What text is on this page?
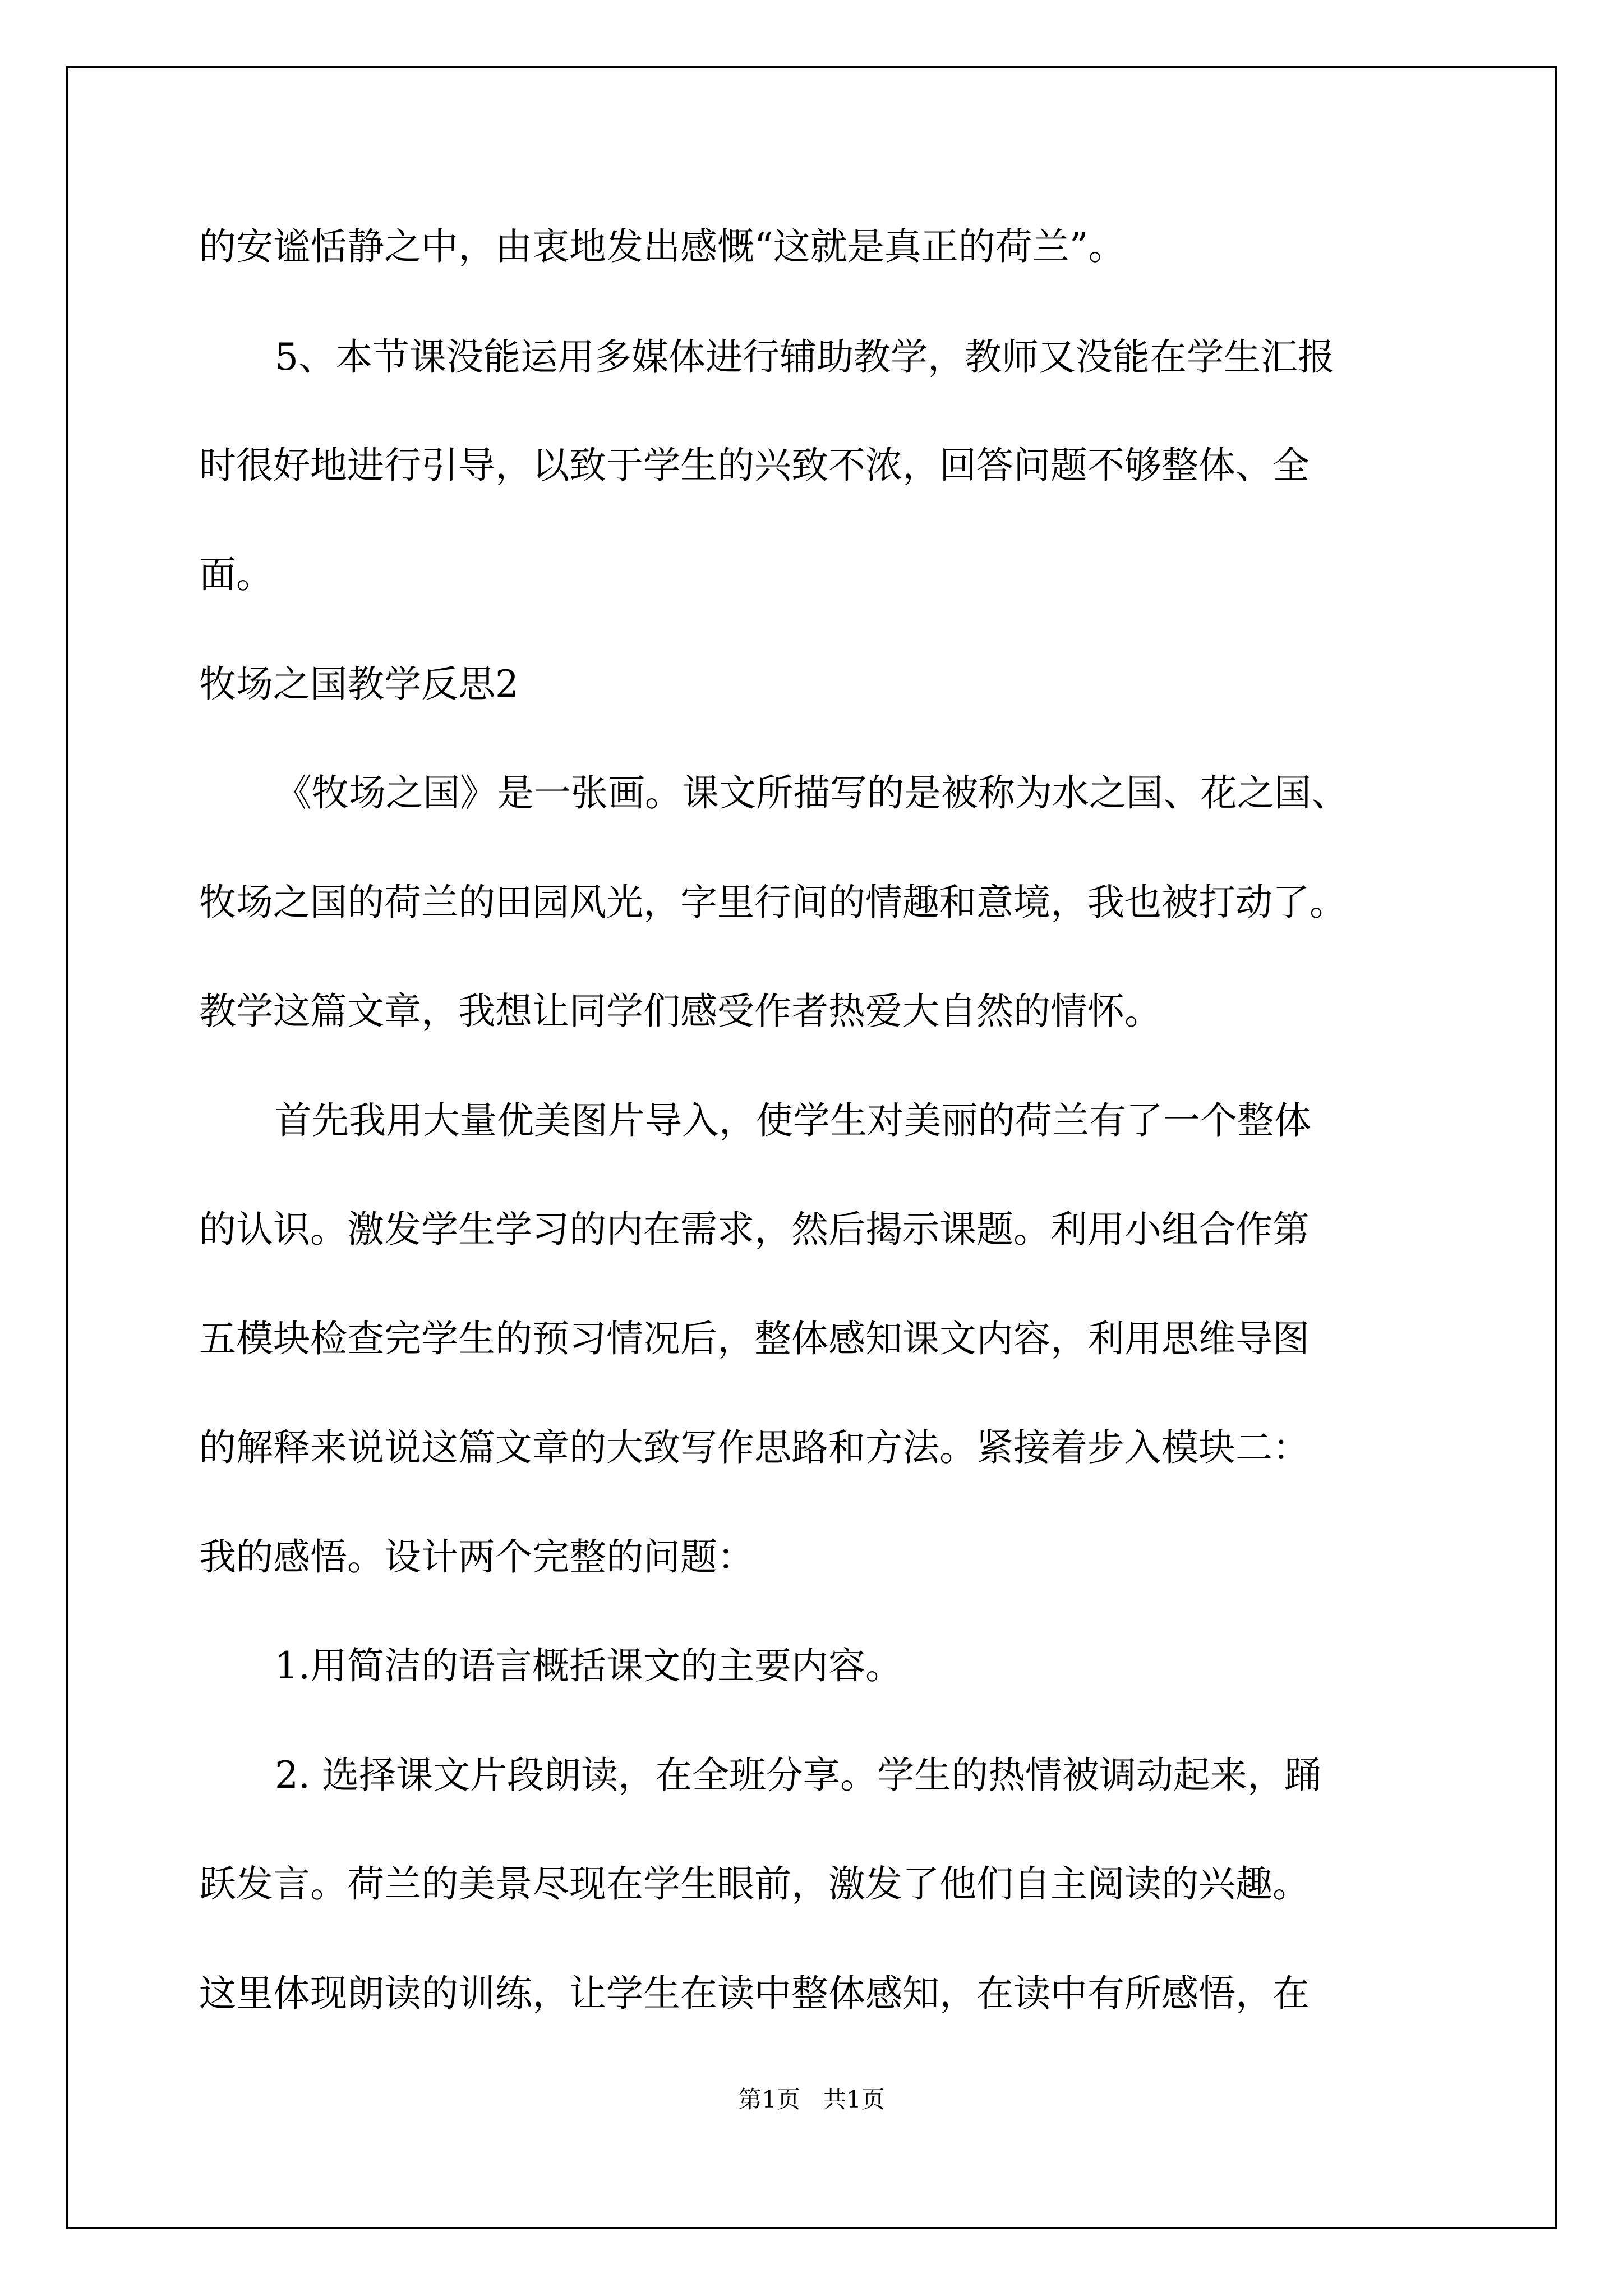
的安谧恬静之中，由衷地发出感慨“这就是真正的荷兰”。
5、本节课没能运用多媒体进行辅助教学，教师又没能在学生汇报
时很好地进行引导，以致于学生的兴致不浓，回答问题不够整体、全
面。
牧场之国教学反思2
《牧场之国》是一张画。课文所描写的是被称为水之国、花之国、
牧场之国的荷兰的田园风光，字里行间的情趣和意境，我也被打动了。
教学这篇文章，我想让同学们感受作者热爱大自然的情怀。
首先我用大量优美图片导入，使学生对美丽的荷兰有了一个整体
的认识。激发学生学习的内在需求，然后揭示课题。利用小组合作第
五模块检查完学生的预习情况后，整体感知课文内容，利用思维导图
的解释来说说这篇文章的大致写作思路和方法。紧接着步入模块二：
我的感悟。设计两个完整的问题：
1.用简洁的语言概括课文的主要内容。
2. 选择课文片段朗读，在全班分享。学生的热情被调动起来，踊
跃发言。荷兰的美景尽现在学生眼前，激发了他们自主阅读的兴趣。
这里体现朗读的训练，让学生在读中整体感知，在读中有所感悟，在
第1页   共1页
